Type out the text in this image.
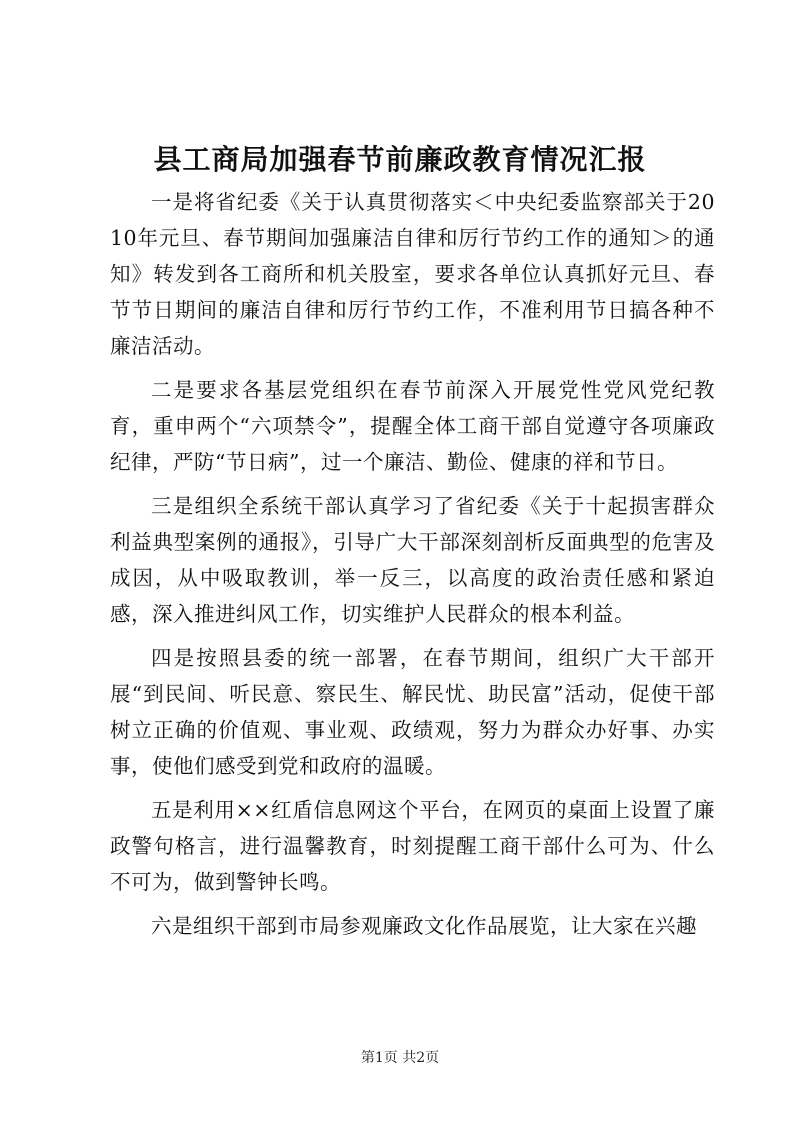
县工商局加强春节前廉政教育情况汇报

一是将省纪委《关于认真贯彻落实＜中央纪委监察部关于2010年元旦、春节期间加强廉洁自律和厉行节约工作的通知＞的通知》转发到各工商所和机关股室，要求各单位认真抓好元旦、春节节日期间的廉洁自律和厉行节约工作，不准利用节日搞各种不廉洁活动。

二是要求各基层党组织在春节前深入开展党性党风党纪教育，重申两个“六项禁令”，提醒全体工商干部自觉遵守各项廉政纪律，严防“节日病”，过一个廉洁、勤俭、健康的祥和节日。

三是组织全系统干部认真学习了省纪委《关于十起损害群众利益典型案例的通报》，引导广大干部深刻剖析反面典型的危害及成因，从中吸取教训，举一反三，以高度的政治责任感和紧迫感，深入推进纠风工作，切实维护人民群众的根本利益。

四是按照县委的统一部署，在春节期间，组织广大干部开展“到民间、听民意、察民生、解民忧、助民富”活动，促使干部树立正确的价值观、事业观、政绩观，努力为群众办好事、办实事，使他们感受到党和政府的温暖。

五是利用××红盾信息网这个平台，在网页的桌面上设置了廉政警句格言，进行温馨教育，时刻提醒工商干部什么可为、什么不可为，做到警钟长鸣。

六是组织干部到市局参观廉政文化作品展览，让大家在兴趣

第1页 共2页
